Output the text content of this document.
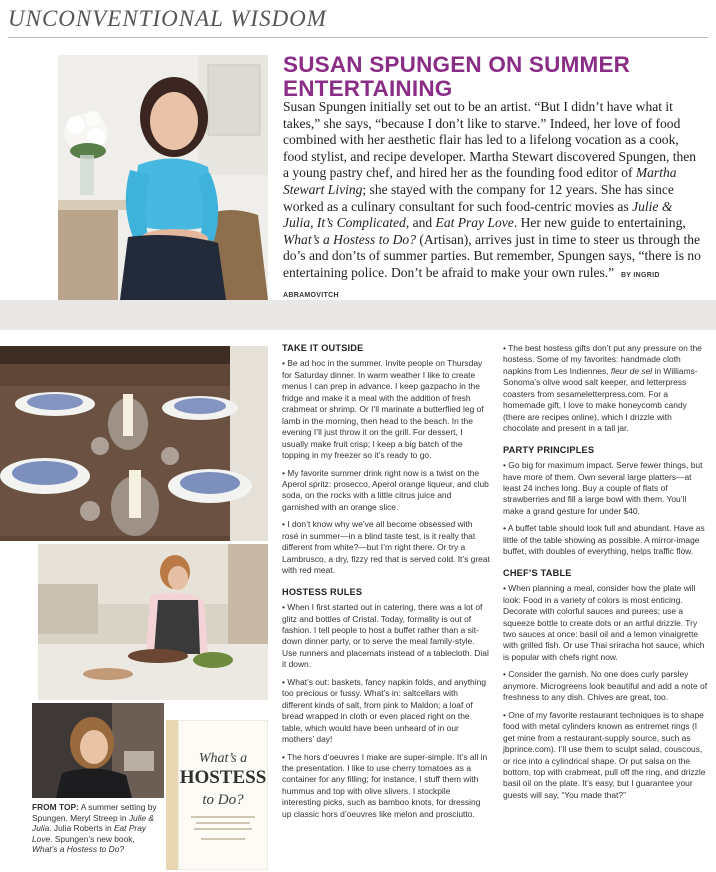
UNCONVENTIONAL WISDOM
SUSAN SPUNGEN ON SUMMER ENTERTAINING
Susan Spungen initially set out to be an artist. “But I didn’t have what it takes,” she says, “because I don’t like to starve.” Indeed, her love of food combined with her aesthetic flair has led to a lifelong vocation as a cook, food stylist, and recipe developer. Martha Stewart discovered Spungen, then a young pastry chef, and hired her as the founding food editor of Martha Stewart Living; she stayed with the company for 12 years. She has since worked as a culinary consultant for such food-centric movies as Julie & Julia, It’s Complicated, and Eat Pray Love. Her new guide to entertaining, What’s a Hostess to Do? (Artisan), arrives just in time to steer us through the do’s and don’ts of summer parties. But remember, Spungen says, “there is no entertaining police. Don’t be afraid to make your own rules.” BY INGRID ABRAMOVITCH
What’s a
HOSTESS
to Do?
FROM TOP: A summer setting by Spungen. Meryl Streep in Julie & Julia. Julia Roberts in Eat Pray Love. Spungen’s new book, What’s a Hostess to Do?
TAKE IT OUTSIDE

• Be ad hoc in the summer. Invite people on Thursday for Saturday dinner. In warm weather I like to create menus I can prep in advance. I keep gazpacho in the fridge and make it a meal with the addition of fresh crabmeat or shrimp. Or I’ll marinate a butterflied leg of lamb in the morning, then head to the beach. In the evening I’ll just throw it on the grill. For dessert, I usually make fruit crisp; I keep a big batch of the topping in my freezer so it’s ready to go.

• My favorite summer drink right now is a twist on the Aperol spritz: prosecco, Aperol orange liqueur, and club soda, on the rocks with a little citrus juice and garnished with an orange slice.

• I don’t know why we’ve all become obsessed with rosé in summer—in a blind taste test, is it really that different from white?—but I’m right there. Or try a Lambrusco, a dry, fizzy red that is served cold. It’s great with red meat.

HOSTESS RULES

• When I first started out in catering, there was a lot of glitz and bottles of Cristal. Today, formality is out of fashion. I tell people to host a buffet rather than a sit-down dinner party, or to serve the meal family-style. Use runners and placemats instead of a tablecloth. Dial it down.

• What’s out: baskets, fancy napkin folds, and anything too precious or fussy. What’s in: saltcellars with different kinds of salt, from pink to Maldon; a loaf of bread wrapped in cloth or even placed right on the table, which would have been unheard of in our mothers’ day!

• The hors d’oeuvres I make are super-simple. It’s all in the presentation. I like to use cherry tomatoes as a container for any filling; for instance, I stuff them with hummus and top with olive slivers. I stockpile interesting picks, such as bamboo knots, for dressing up classic hors d’oeuvres like melon and prosciutto.

• The best hostess gifts don’t put any pressure on the hostess. Some of my favorites: handmade cloth napkins from Les Indiennes, fleur de sel in Williams-Sonoma’s olive wood salt keeper, and letterpress coasters from sesameletterpress.com. For a homemade gift, I love to make honeycomb candy (there are recipes online), which I drizzle with chocolate and present in a tall jar.

PARTY PRINCIPLES

• Go big for maximum impact. Serve fewer things, but have more of them. Own several large platters—at least 24 inches long. Buy a couple of flats of strawberries and fill a large bowl with them. You’ll make a grand gesture for under $40.

• A buffet table should look full and abundant. Have as little of the table showing as possible. A mirror-image buffet, with doubles of everything, helps traffic flow.

CHEF’S TABLE

• When planning a meal, consider how the plate will look: Food in a variety of colors is most enticing. Decorate with colorful sauces and purees; use a squeeze bottle to create dots or an artful drizzle. Try two sauces at once: basil oil and a lemon vinaigrette with grilled fish. Or use Thai sriracha hot sauce, which is popular with chefs right now.

• Consider the garnish. No one does curly parsley anymore. Microgreens look beautiful and add a note of freshness to any dish. Chives are great, too.

• One of my favorite restaurant techniques is to shape food with metal cylinders known as entremet rings (I get mine from a restaurant-supply source, such as jbprince.com). I’ll use them to sculpt salad, couscous, or rice into a cylindrical shape. Or put salsa on the bottom, top with crabmeat, pull off the ring, and drizzle basil oil on the plate. It’s easy, but I guarantee your guests will say, “You made that?”
